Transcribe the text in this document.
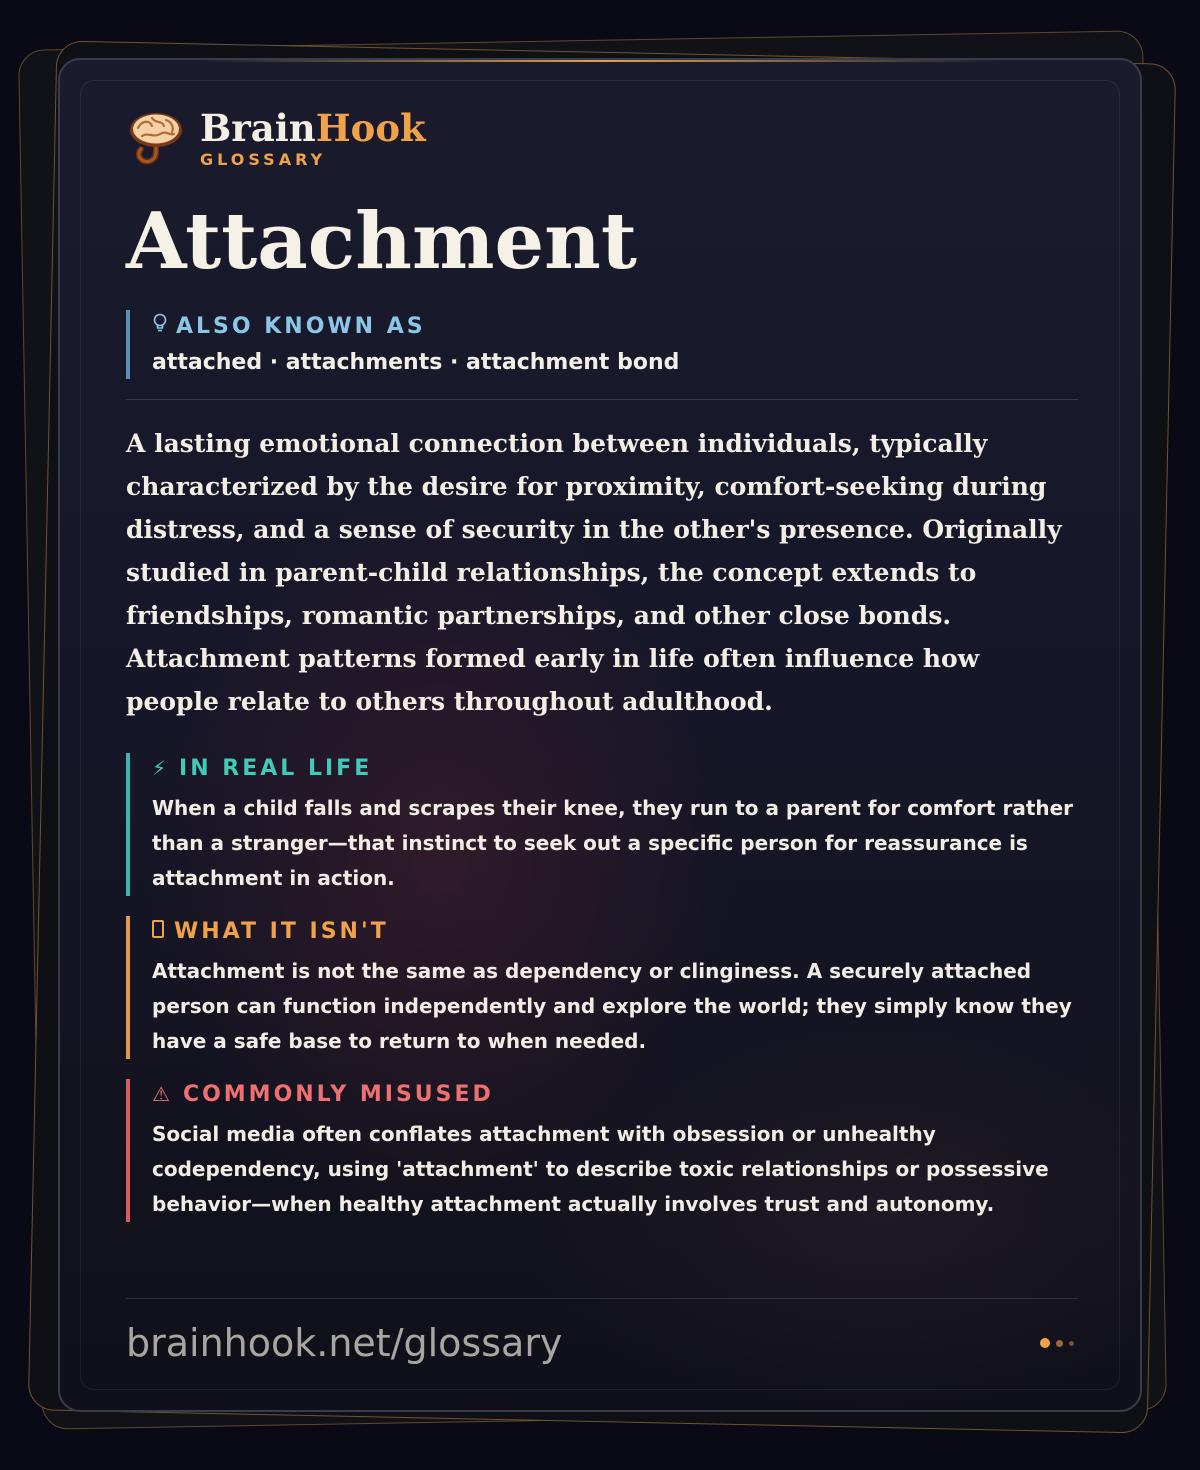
BrainHook
GLOSSARY
Attachment
ALSO KNOWN AS
attached · attachments · attachment bond

A lasting emotional connection between individuals, typically characterized by the desire for proximity, comfort-seeking during distress, and a sense of security in the other's presence. Originally studied in parent-child relationships, the concept extends to friendships, romantic partnerships, and other close bonds. Attachment patterns formed early in life often influence how people relate to others throughout adulthood.

⚡ IN REAL LIFE
When a child falls and scrapes their knee, they run to a parent for comfort rather than a stranger—that instinct to seek out a specific person for reassurance is attachment in action.
WHAT IT ISN'T
Attachment is not the same as dependency or clinginess. A securely attached person can function independently and explore the world; they simply know they have a safe base to return to when needed.
⚠ COMMONLY MISUSED
Social media often conflates attachment with obsession or unhealthy codependency, using 'attachment' to describe toxic relationships or possessive behavior—when healthy attachment actually involves trust and autonomy.
brainhook.net/glossary
